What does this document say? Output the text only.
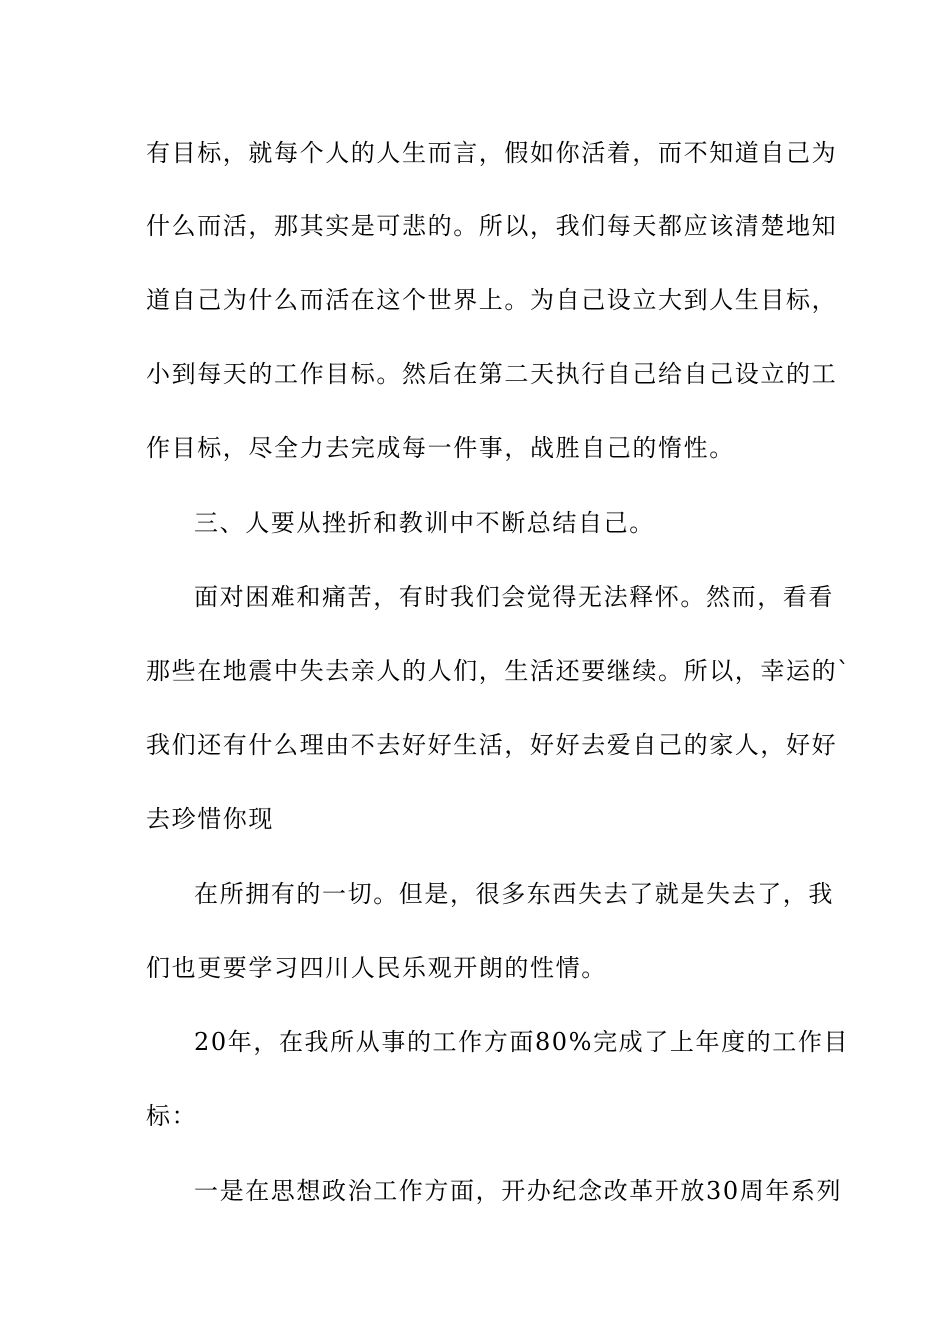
有目标，就每个人的人生而言，假如你活着，而不知道自己为
什么而活，那其实是可悲的。所以，我们每天都应该清楚地知
道自己为什么而活在这个世界上。为自己设立大到人生目标，
小到每天的工作目标。然后在第二天执行自己给自己设立的工
作目标，尽全力去完成每一件事，战胜自己的惰性。
三、人要从挫折和教训中不断总结自己。
面对困难和痛苦，有时我们会觉得无法释怀。然而，看看
那些在地震中失去亲人的人们，生活还要继续。所以，幸运的`
我们还有什么理由不去好好生活，好好去爱自己的家人，好好
去珍惜你现
在所拥有的一切。但是，很多东西失去了就是失去了，我
们也更要学习四川人民乐观开朗的性情。
20年，在我所从事的工作方面80%完成了上年度的工作目
标：
一是在思想政治工作方面，开办纪念改革开放30周年系列
